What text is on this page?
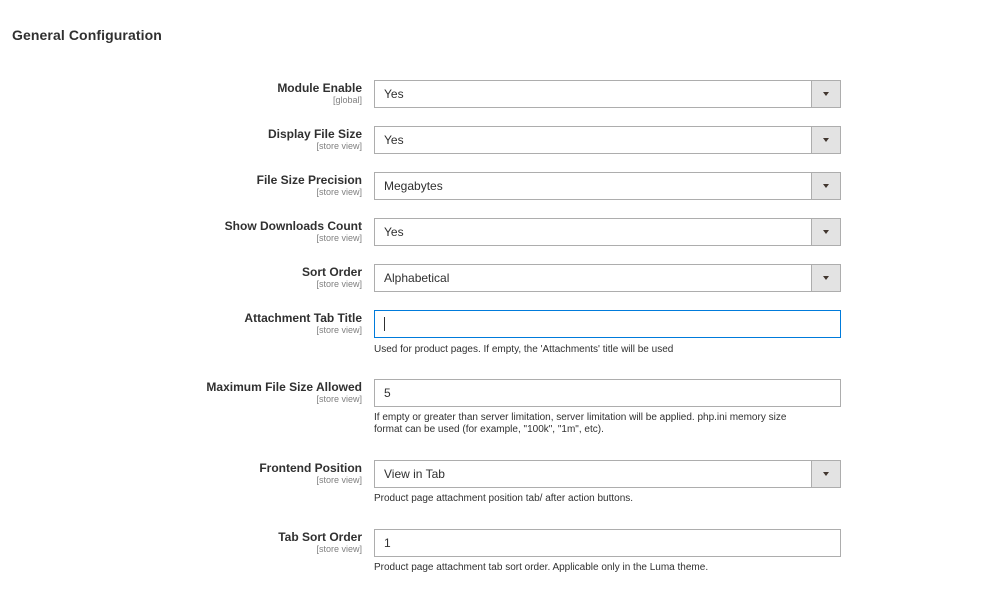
General Configuration
Module Enable
[global] Yes
Display File Size
[store view] Yes
File Size Precision
[store view] Megabytes
Show Downloads Count
[store view] Yes
Sort Order
[store view] Alphabetical
Attachment Tab Title
[store view]
Used for product pages. If empty, the 'Attachments' title will be used
Maximum File Size Allowed
[store view] 5
If empty or greater than server limitation, server limitation will be applied. php.ini memory size
format can be used (for example, "100k", "1m", etc).
Frontend Position
[store view] View in Tab
Product page attachment position tab/ after action buttons.
Tab Sort Order
[store view] 1
Product page attachment tab sort order. Applicable only in the Luma theme.
